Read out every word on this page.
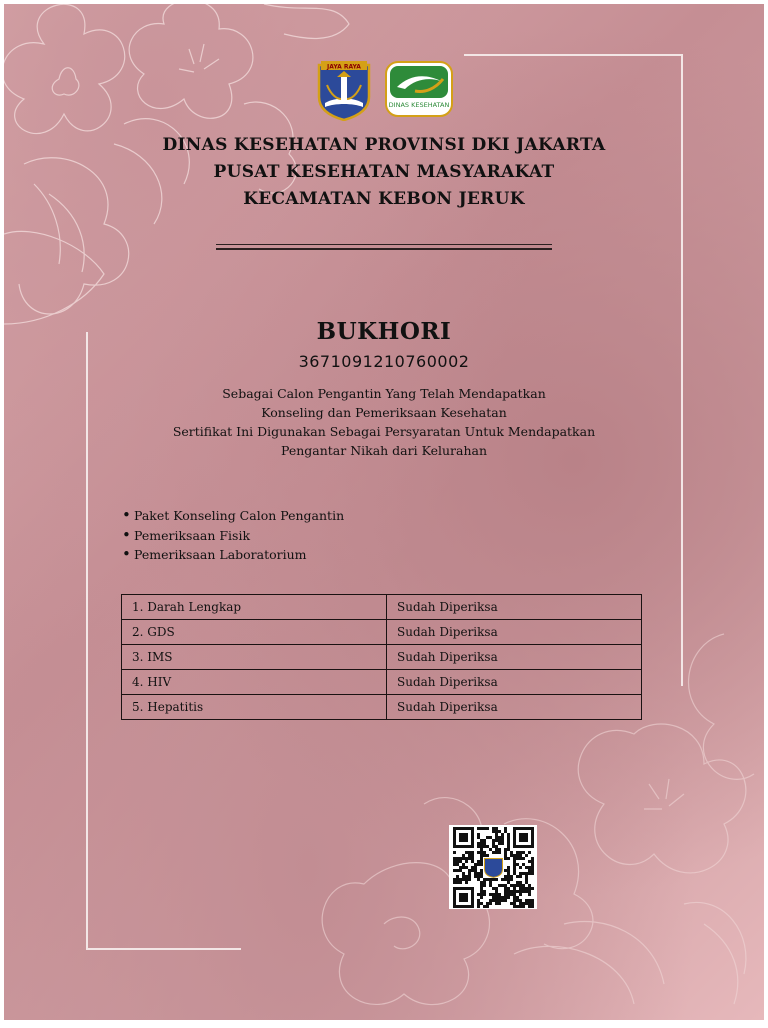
JAYA RAYA
DINAS KESEHATAN
DINAS KESEHATAN PROVINSI DKI JAKARTA
PUSAT KESEHATAN MASYARAKAT
KECAMATAN KEBON JERUK
BUKHORI
3671091210760002
Sebagai Calon Pengantin Yang Telah Mendapatkan
Konseling dan Pemeriksaan Kesehatan
Sertifikat Ini Digunakan Sebagai Persyaratan Untuk Mendapatkan
Pengantar Nikah dari Kelurahan
• Paket Konseling Calon Pengantin
• Pemeriksaan Fisik
• Pemeriksaan Laboratorium
1. Darah Lengkap	Sudah Diperiksa
2. GDS	Sudah Diperiksa
3. IMS	Sudah Diperiksa
4. HIV	Sudah Diperiksa
5. Hepatitis	Sudah Diperiksa
